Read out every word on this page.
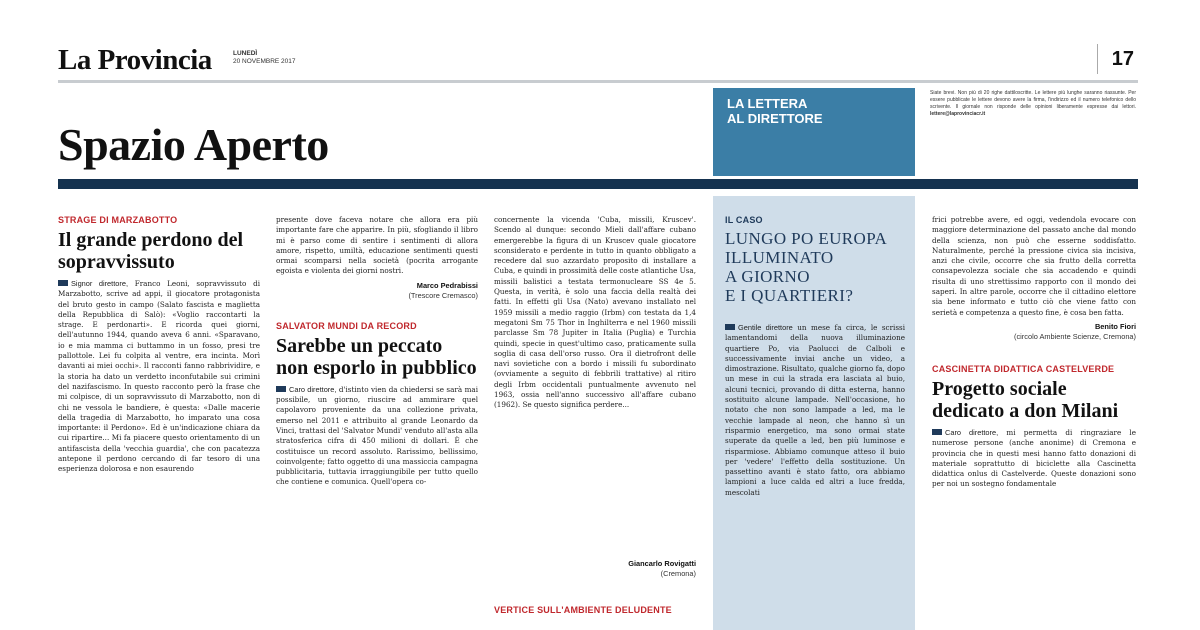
La Provincia	LUNEDÌ
20 NOVEMBRE 2017	17
Spazio Aperto
LA LETTERA
AL DIRETTORE
Siate brevi. Non più di 20 righe dattiloscritte. Le lettere più lunghe saranno riassunte. Per essere pubblicate le lettere devono avere la firma, l'indirizzo ed il numero telefonico dello scrivente. Il giornale non risponde delle opinioni liberamente espresse dai lettori. lettere@laprovinciacr.it
STRAGE DI MARZABOTTO
Il grande perdono del sopravvissuto
Signor direttore, Franco Leoni, sopravvissuto di Marzabotto, scrive ad appi, il giocatore protagonista del bruto gesto in campo (Salato fascista e maglietta della Repubblica di Salò): «Voglio raccontarti la strage. E perdonarti». E ricorda quei giorni, dell'autunno 1944, quando aveva 6 anni. «Sparavano, io e mia mamma ci buttammo in un fosso, presi tre pallottole. Lei fu colpita al ventre, era incinta. Morì davanti ai miei occhi». Il racconti fanno rabbrividire, e la storia ha dato un verdetto inconfutabile sui crimini del nazifascismo. In questo racconto però la frase che mi colpisce, di un sopravvissuto di Marzabotto, non di chi ne vessola le bandiere, è questa: «Dalle macerie della tragedia di Marzabotto, ho imparato una cosa importante: il Perdono». Ed è un'indicazione chiara da cui ripartire... Mi fa piacere questo orientamento di un antifascista della 'vecchia guardia', che con pacatezza antepone il perdono cercando di far tesoro di una esperienza dolorosa e non esaurendo
presente dove faceva notare che allora era più importante fare che apparire. In più, sfogliando il libro mi è parso come di sentire i sentimenti di allora amore, rispetto, umiltà, educazione sentimenti questi ormai scomparsi nella società (pocrita arrogante egoista e violenta dei giorni nostri.
Marco Pedrabissi
(Trescore Cremasco)
SALVATOR MUNDI DA RECORD
Sarebbe un peccato non esporlo in pubblico
Caro direttore, d'istinto vien da chiedersi se sarà mai possibile, un giorno, riuscire ad ammirare quel capolavoro proveniente da una collezione privata, emerso nel 2011 e attribuito al grande Leonardo da Vinci, trattasi del 'Salvator Mundi' venduto all'asta alla stratosferica cifra di 450 milioni di dollari. È che costituisce un record assoluto. Rarissimo, bellissimo, coinvolgente; fatto oggetto di una massiccia campagna pubblicitaria, tuttavia irraggiungibile per tutto quello che contiene e comunica. Quell'opera co-
concernente la vicenda 'Cuba, missili, Kruscev'. Scendo al dunque: secondo Mieli dall'affare cubano emergerebbe la figura di un Kruscev quale giocatore sconsiderato e perdente in tutto in quanto obbligato a recedere dal suo azzardato proposito di installare a Cuba, e quindi in prossimità delle coste atlantiche Usa, missili balistici a testata termonucleare SS 4e 5. Questa, in verità, è solo una faccia della realtà dei fatti. In effetti gli Usa (Nato) avevano installato nel 1959 missili a medio raggio (Irbm) con testata da 1,4 megatoni Sm 75 Thor in Inghilterra e nel 1960 missili parclasse Sm 78 Jupiter in Italia (Puglia) e Turchia quindi, specie in quest'ultimo caso, praticamente sulla soglia di casa dell'orso russo. Ora il dietrofront delle navi sovietiche con a bordo i missili fu subordinato (ovviamente a seguito di febbrili trattative) al ritiro degli Irbm occidentali puntualmente avvenuto nel 1963, ossia nell'anno successivo all'affare cubano (1962). Se questo significa perdere...
Giancarlo Rovigatti
(Cremona)
VERTICE SULL'AMBIENTE DELUDENTE
IL CASO
LUNGO PO EUROPA
ILLUMINATO
A GIORNO
E I QUARTIERI?
Gentile direttore un mese fa circa, le scrissi lamentandomi della nuova illuminazione quartiere Po, via Paolucci de Calboli e successivamente inviai anche un video, a dimostrazione. Risultato, qualche giorno fa, dopo un mese in cui la strada era lasciata al buio, alcuni tecnici, provando di ditta esterna, hanno sostituito alcune lampade. Nell'occasione, ho notato che non sono lampade a led, ma le vecchie lampade al neon, che hanno sì un risparmio energetico, ma sono ormai state superate da quelle a led, ben più luminose e risparmiose. Abbiamo comunque atteso il buio per 'vedere' l'effetto della sostituzione. Un passettino avanti è stato fatto, ora abbiamo lampioni a luce calda ed altri a luce fredda, mescolati
frici potrebbe avere, ed oggi, vedendola evocare con maggiore determinazione del passato anche dal mondo della scienza, non può che esserne soddisfatto. Naturalmente, perché la pressione civica sia incisiva, anzi che civile, occorre che sia frutto della corretta consapevolezza sociale che sia accadendo e quindi risulta di uno strettissimo rapporto con il mondo dei saperi. In altre parole, occorre che il cittadino elettore sia bene informato e tutto ciò che viene fatto con serietà e competenza a questo fine, è cosa ben fatta.
Benito Fiori
(circolo Ambiente Scienze, Cremona)
CASCINETTA DIDATTICA CASTELVERDE
Progetto sociale dedicato a don Milani
Caro direttore, mi permetta di ringraziare le numerose persone (anche anonime) di Cremona e provincia che in questi mesi hanno fatto donazioni di materiale soprattutto di biciclette alla Cascinetta didattica onlus di Castelverde. Queste donazioni sono per noi un sostegno fondamentale
